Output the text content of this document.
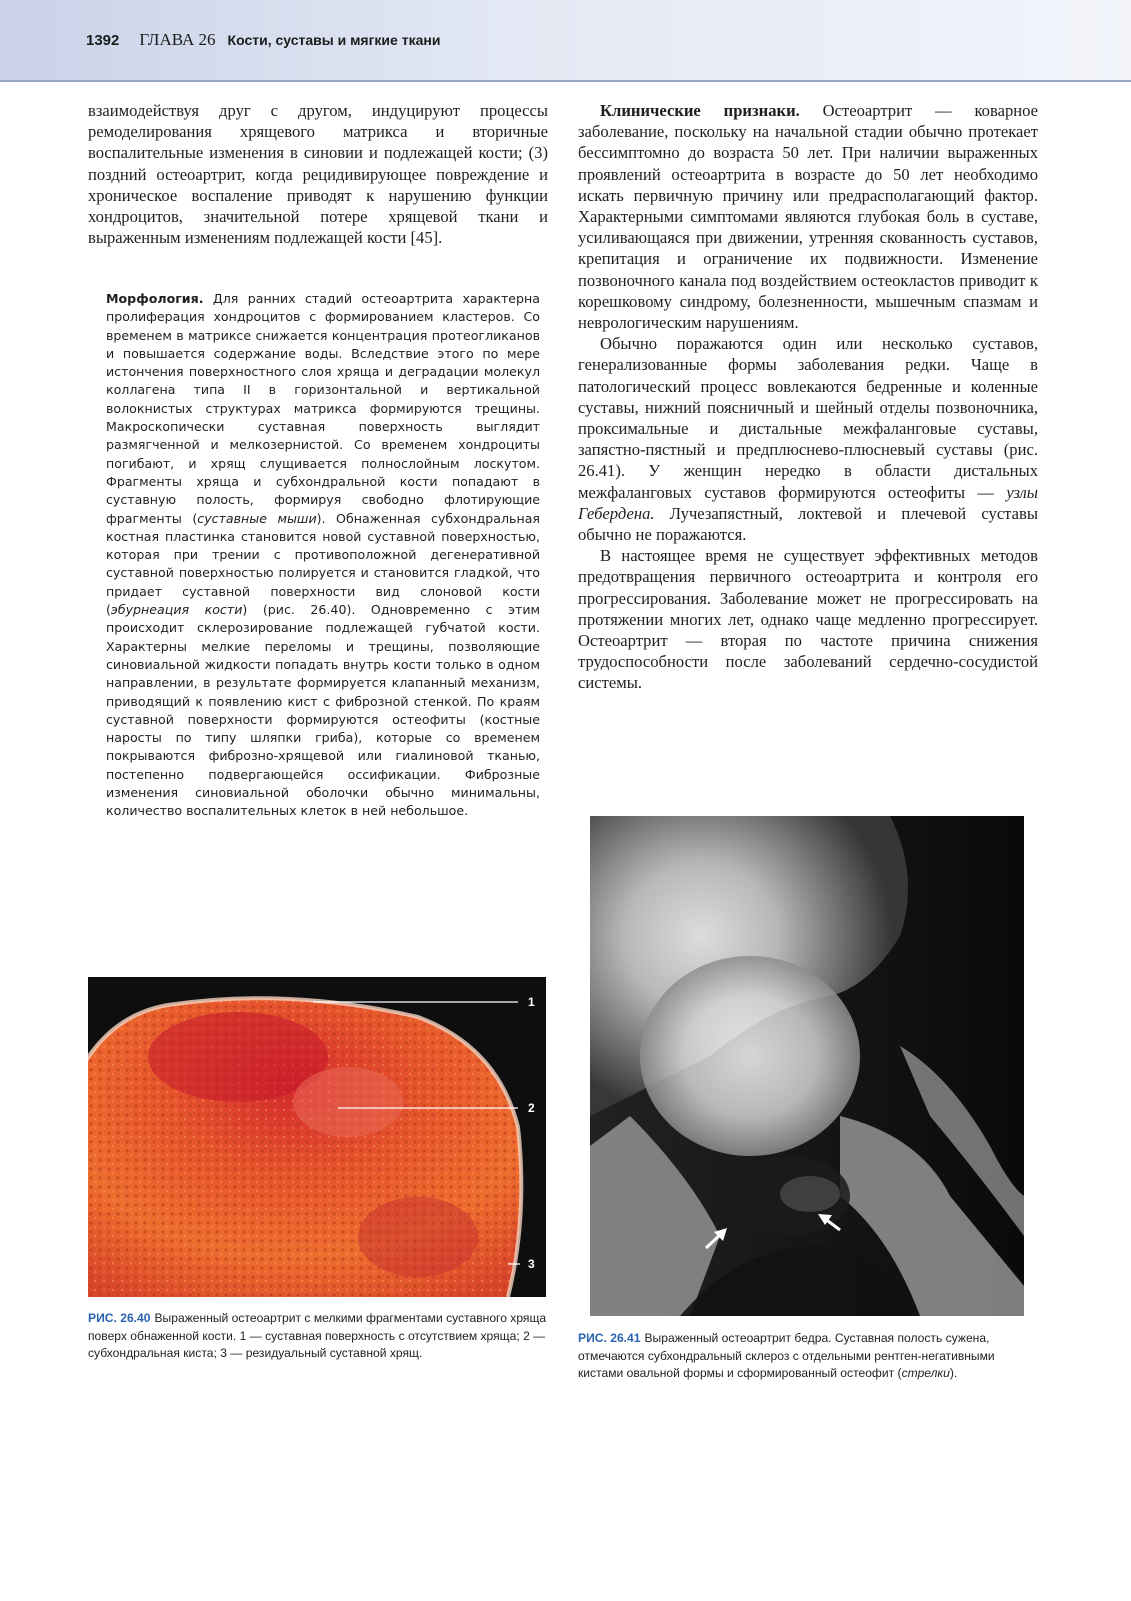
1392 ГЛАВА 26 Кости, суставы и мягкие ткани

взаимодействуя друг с другом, индуцируют процессы ремоделирования хрящевого матрикса и вторичные воспалительные изменения в синовии и подлежащей кости; (3) поздний остеоартрит, когда рецидивирующее повреждение и хроническое воспаление приводят к нарушению функции хондроцитов, значительной потере хрящевой ткани и выраженным изменениям подлежащей кости [45].

Морфология. Для ранних стадий остеоартрита характерна пролиферация хондроцитов с формированием кластеров. Со временем в матриксе снижается концентрация протеогликанов и повышается содержание воды. Вследствие этого по мере истончения поверхностного слоя хряща и деградации молекул коллагена типа II в горизонтальной и вертикальной волокнистых структурах матрикса формируются трещины. Макроскопически суставная поверхность выглядит размягченной и мелкозернистой. Со временем хондроциты погибают, и хрящ слущивается полнослойным лоскутом. Фрагменты хряща и субхондральной кости попадают в суставную полость, формируя свободно флотирующие фрагменты (суставные мыши). Обнаженная субхондральная костная пластинка становится новой суставной поверхностью, которая при трении с противоположной дегенеративной суставной поверхностью полируется и становится гладкой, что придает суставной поверхности вид слоновой кости (эбурнеация кости) (рис. 26.40). Одновременно с этим происходит склерозирование подлежащей губчатой кости. Характерны мелкие переломы и трещины, позволяющие синовиальной жидкости попадать внутрь кости только в одном направлении, в результате формируется клапанный механизм, приводящий к появлению кист с фиброзной стенкой. По краям суставной поверхности формируются остеофиты (костные наросты по типу шляпки гриба), которые со временем покрываются фиброзно-хрящевой или гиалиновой тканью, постепенно подвергающейся оссификации. Фиброзные изменения синовиальной оболочки обычно минимальны, количество воспалительных клеток в ней небольшое.

Клинические признаки. Остеоартрит — коварное заболевание, поскольку на начальной стадии обычно протекает бессимптомно до возраста 50 лет. При наличии выраженных проявлений остеоартрита в возрасте до 50 лет необходимо искать первичную причину или предрасполагающий фактор. Характерными симптомами являются глубокая боль в суставе, усиливающаяся при движении, утренняя скованность суставов, крепитация и ограничение их подвижности. Изменение позвоночного канала под воздействием остеокластов приводит к корешковому синдрому, болезненности, мышечным спазмам и неврологическим нарушениям.

Обычно поражаются один или несколько суставов, генерализованные формы заболевания редки. Чаще в патологический процесс вовлекаются бедренные и коленные суставы, нижний поясничный и шейный отделы позвоночника, проксимальные и дистальные межфаланговые суставы, запястно-пястный и предплюснево-плюсневый суставы (рис. 26.41). У женщин нередко в области дистальных межфаланговых суставов формируются остеофиты — узлы Гебердена. Лучезапястный, локтевой и плечевой суставы обычно не поражаются.

В настоящее время не существует эффективных методов предотвращения первичного остеоартрита и контроля его прогрессирования. Заболевание может не прогрессировать на протяжении многих лет, однако чаще медленно прогрессирует. Остеоартрит — вторая по частоте причина снижения трудоспособности после заболеваний сердечно-сосудистой системы.

1
2
3

РИС. 26.40 Выраженный остеоартрит с мелкими фрагментами суставного хряща поверх обнаженной кости. 1 — суставная поверхность с отсутствием хряща; 2 — субхондральная киста; 3 — резидуальный суставной хрящ.

РИС. 26.41 Выраженный остеоартрит бедра. Суставная полость сужена, отмечаются субхондральный склероз с отдельными рентген-негативными кистами овальной формы и сформированный остеофит (стрелки).
